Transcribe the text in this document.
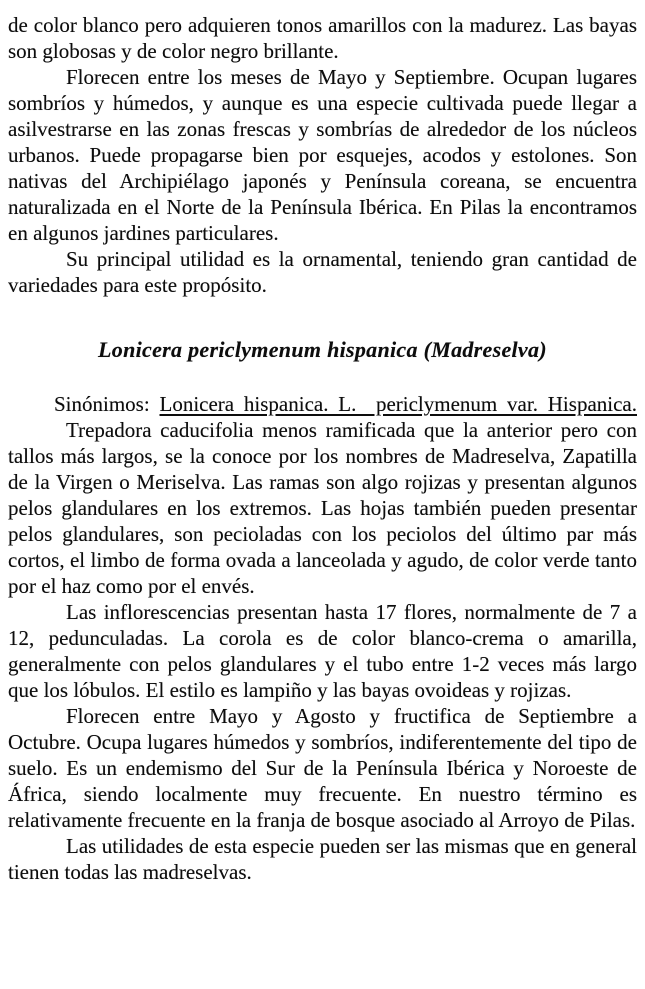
de color blanco pero adquieren tonos amarillos con la madurez. Las bayas son globosas y de color negro brillante.

Florecen entre los meses de Mayo y Septiembre. Ocupan lugares sombríos y húmedos, y aunque es una especie cultivada puede llegar a asilvestrarse en las zonas frescas y sombrías de alrededor de los núcleos urbanos. Puede propagarse bien por esquejes, acodos y estolones. Son nativas del Archipiélago japonés y Península coreana, se encuentra naturalizada en el Norte de la Península Ibérica. En Pilas la encontramos en algunos jardines particulares.

Su principal utilidad es la ornamental, teniendo gran cantidad de variedades para este propósito.

Lonicera periclymenum hispanica (Madreselva)

Sinónimos: Lonicera hispanica. L.  periclymenum var. Hispanica.

Trepadora caducifolia menos ramificada que la anterior pero con tallos más largos, se la conoce por los nombres de Madreselva, Zapatilla de la Virgen o Meriselva. Las ramas son algo rojizas y presentan algunos pelos glandulares en los extremos. Las hojas también pueden presentar pelos glandulares, son pecioladas con los peciolos del último par más cortos, el limbo de forma ovada a lanceolada y agudo, de color verde tanto por el haz como por el envés.

Las inflorescencias presentan hasta 17 flores, normalmente de 7 a 12, pedunculadas. La corola es de color blanco-crema o amarilla, generalmente con pelos glandulares y el tubo entre 1-2 veces más largo que los lóbulos. El estilo es lampiño y las bayas ovoideas y rojizas.

Florecen entre Mayo y Agosto y fructifica de Septiembre a Octubre. Ocupa lugares húmedos y sombríos, indiferentemente del tipo de suelo. Es un endemismo del Sur de la Península Ibérica y Noroeste de África, siendo localmente muy frecuente. En nuestro término es relativamente frecuente en la franja de bosque asociado al Arroyo de Pilas.

Las utilidades de esta especie pueden ser las mismas que en general tienen todas las madreselvas.
